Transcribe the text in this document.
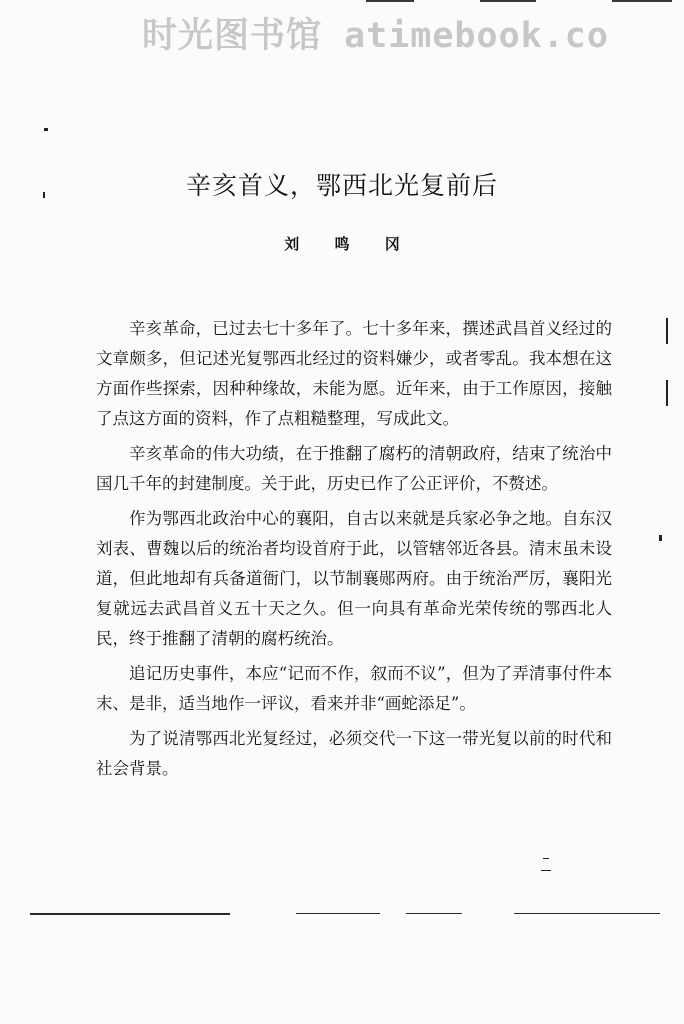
时光图书馆 atimebook.co
辛亥首义，鄂西北光复前后
刘 鸣 冈

辛亥革命，已过去七十多年了。七十多年来，撰述武昌首义经过的文章颇多，但记述光复鄂西北经过的资料嫌少，或者零乱。我本想在这方面作些探索，因种种缘故，未能为愿。近年来，由于工作原因，接触了点这方面的资料，作了点粗糙整理，写成此文。

辛亥革命的伟大功绩，在于推翻了腐朽的清朝政府，结束了统治中国几千年的封建制度。关于此，历史已作了公正评价，不赘述。

作为鄂西北政治中心的襄阳，自古以来就是兵家必争之地。自东汉刘表、曹魏以后的统治者均设首府于此，以管辖邻近各县。清末虽未设道，但此地却有兵备道衙门，以节制襄郧两府。由于统治严厉，襄阳光复就远去武昌首义五十天之久。但一向具有革命光荣传统的鄂西北人民，终于推翻了清朝的腐朽统治。

追记历史事件，本应“记而不作，叙而不议”，但为了弄清事付件本末、是非，适当地作一评议，看来并非“画蛇添足”。

为了说清鄂西北光复经过，必须交代一下这一带光复以前的时代和社会背景。
